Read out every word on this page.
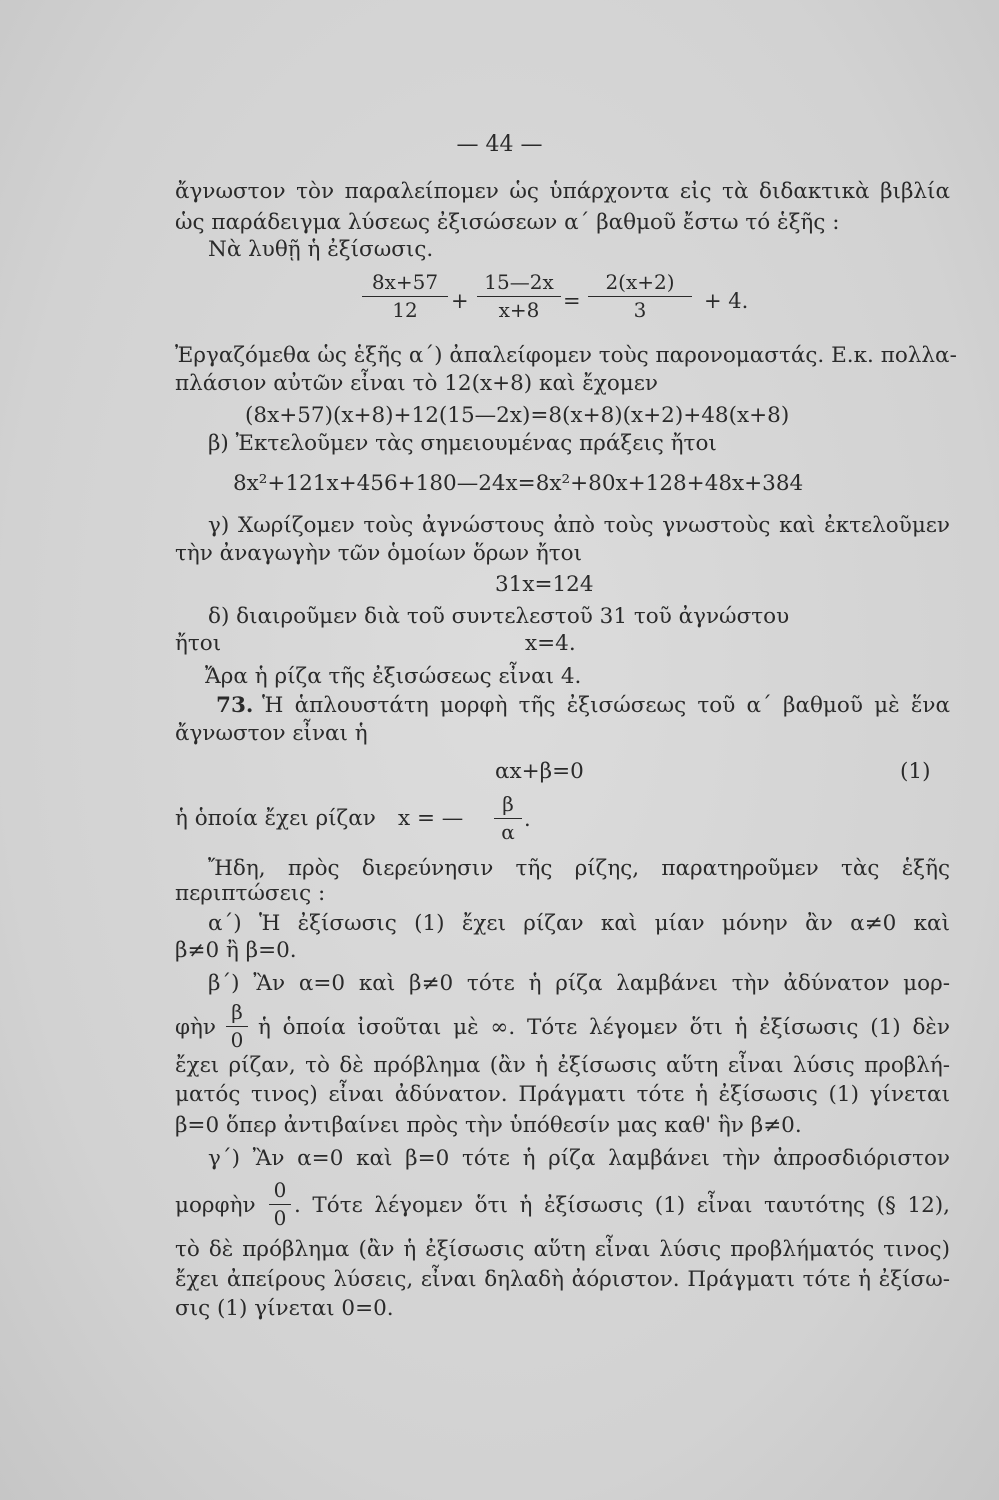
— 44 —
ἄγνωστον τὸν παραλείπομεν ὡς ὑπάρχοντα εἰς τὰ διδακτικὰ βιβλία
ὡς παράδειγμα λύσεως ἐξισώσεων α΄ βαθμοῦ ἔστω τό ἑξῆς :
Νὰ λυθῇ ἡ ἐξίσωσις.
8x+57
12	+
15—2x
x+8	=
2(x+2)
3	+ 4.
Ἐργαζόμεθα ὡς ἑξῆς α΄) ἀπαλείφομεν τοὺς παρονομαστάς. Ε.κ. πολλα-
πλάσιον αὐτῶν εἶναι τὸ 12(x+8) καὶ ἔχομεν
(8x+57)(x+8)+12(15—2x)=8(x+8)(x+2)+48(x+8)
β) Ἐκτελοῦμεν τὰς σημειουμένας πράξεις ἤτοι
8x²+121x+456+180—24x=8x²+80x+128+48x+384
γ) Χωρίζομεν τοὺς ἀγνώστους ἀπὸ τοὺς γνωστοὺς καὶ ἐκτελοῦμεν
τὴν ἀναγωγὴν τῶν ὁμοίων ὅρων ἤτοι
31x=124
δ) διαιροῦμεν διὰ τοῦ συντελεστοῦ 31 τοῦ ἀγνώστου
ἤτοι	x=4.
Ἄρα ἡ ρίζα τῆς ἐξισώσεως εἶναι 4.
73. Ἡ ἁπλουστάτη μορφὴ τῆς ἐξισώσεως τοῦ α΄ βαθμοῦ μὲ ἕνα
ἄγνωστον εἶναι ἡ
αx+β=0	(1)
ἡ ὁποία ἔχει ρίζαν	x = —
β
α
.
Ἤδη, πρὸς διερεύνησιν τῆς ρίζης, παρατηροῦμεν τὰς ἑξῆς
περιπτώσεις :
α΄) Ἡ ἐξίσωσις (1) ἔχει ρίζαν καὶ μίαν μόνην ἂν α≠0 καὶ
β≠0 ἢ β=0.
β΄) Ἂν α=0 καὶ β≠0 τότε ἡ ρίζα λαμβάνει τὴν ἀδύνατον μορ-
φὴν
β
0 ἡ ὁποία ἰσοῦται μὲ ∞. Τότε λέγομεν ὅτι ἡ ἐξίσωσις (1) δὲν
ἔχει ρίζαν, τὸ δὲ πρόβλημα (ἂν ἡ ἐξίσωσις αὕτη εἶναι λύσις προβλή-
ματός τινος) εἶναι ἀδύνατον. Πράγματι τότε ἡ ἐξίσωσις (1) γίνεται
β=0 ὅπερ ἀντιβαίνει πρὸς τὴν ὑπόθεσίν μας καθ' ἣν β≠0.
γ΄) Ἂν α=0 καὶ β=0 τότε ἡ ρίζα λαμβάνει τὴν ἀπροσδιόριστον
μορφὴν
0
0 . Τότε λέγομεν ὅτι ἡ ἐξίσωσις (1) εἶναι ταυτότης (§ 12),
τὸ δὲ πρόβλημα (ἂν ἡ ἐξίσωσις αὕτη εἶναι λύσις προβλήματός τινος)
ἔχει ἀπείρους λύσεις, εἶναι δηλαδὴ ἀόριστον. Πράγματι τότε ἡ ἐξίσω-
σις (1) γίνεται 0=0.
